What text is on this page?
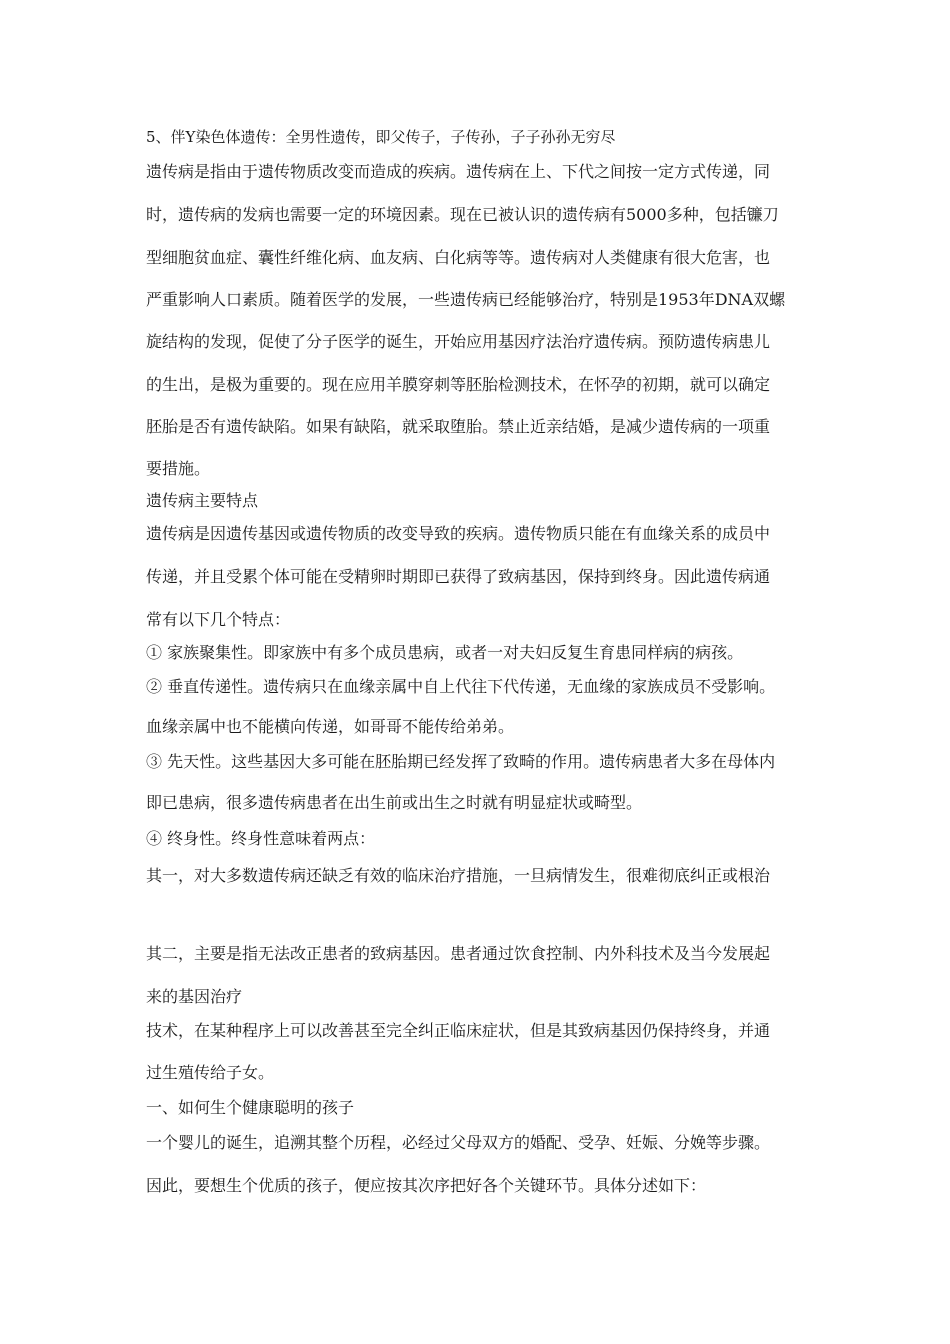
5、伴Y染色体遗传：全男性遗传，即父传子，子传孙，子子孙孙无穷尽

遗传病是指由于遗传物质改变而造成的疾病。遗传病在上、下代之间按一定方式传递，同

时，遗传病的发病也需要一定的环境因素。现在已被认识的遗传病有5000多种，包括镰刀

型细胞贫血症、囊性纤维化病、血友病、白化病等等。遗传病对人类健康有很大危害，也

严重影响人口素质。随着医学的发展，一些遗传病已经能够治疗，特别是1953年DNA双螺

旋结构的发现，促使了分子医学的诞生，开始应用基因疗法治疗遗传病。预防遗传病患儿

的生出，是极为重要的。现在应用羊膜穿刺等胚胎检测技术，在怀孕的初期，就可以确定

胚胎是否有遗传缺陷。如果有缺陷，就采取堕胎。禁止近亲结婚，是减少遗传病的一项重

要措施。

遗传病主要特点

遗传病是因遗传基因或遗传物质的改变导致的疾病。遗传物质只能在有血缘关系的成员中

传递，并且受累个体可能在受精卵时期即已获得了致病基因，保持到终身。因此遗传病通

常有以下几个特点：

① 家族聚集性。即家族中有多个成员患病，或者一对夫妇反复生育患同样病的病孩。

② 垂直传递性。遗传病只在血缘亲属中自上代往下代传递，无血缘的家族成员不受影响。

血缘亲属中也不能横向传递，如哥哥不能传给弟弟。

③ 先天性。这些基因大多可能在胚胎期已经发挥了致畸的作用。遗传病患者大多在母体内

即已患病，很多遗传病患者在出生前或出生之时就有明显症状或畸型。

④ 终身性。终身性意味着两点：

其一，对大多数遗传病还缺乏有效的临床治疗措施，一旦病情发生，很难彻底纠正或根治

其二，主要是指无法改正患者的致病基因。患者通过饮食控制、内外科技术及当今发展起

来的基因治疗

技术，在某种程序上可以改善甚至完全纠正临床症状，但是其致病基因仍保持终身，并通

过生殖传给子女。

一、如何生个健康聪明的孩子

一个婴儿的诞生，追溯其整个历程，必经过父母双方的婚配、受孕、妊娠、分娩等步骤。

因此，要想生个优质的孩子，便应按其次序把好各个关键环节。具体分述如下：
